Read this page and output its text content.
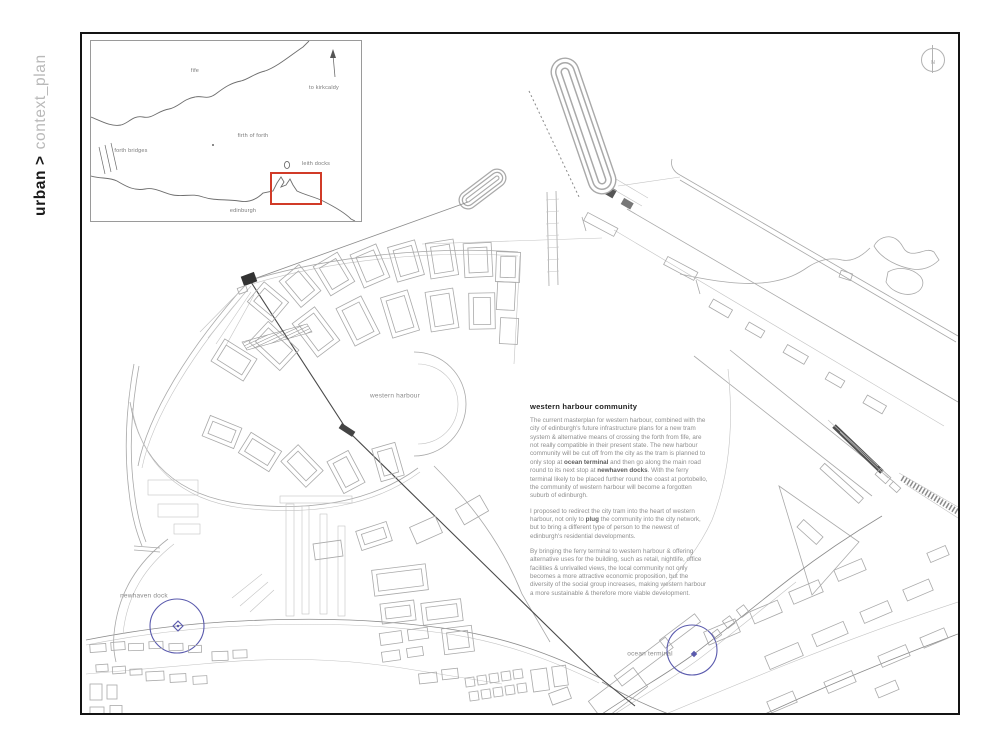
urban >context_plan	fife
to kirkcaldy
firth of forth
forth bridges
leith docks
edinburgh
N
western harbour
newhaven dock
ocean terminal
western harbour community

The current masterplan for western harbour, combined with the city of edinburgh's future infrastructure plans for a new tram system & alternative means of crossing the forth from fife, are not really compatible in their present state. The new harbour community will be cut off from the city as the tram is planned to only stop at ocean terminal and then go along the main road round to its next stop at newhaven docks. With the ferry terminal likely to be placed further round the coast at portobello, the community of western harbour will become a forgotten suburb of edinburgh.

I proposed to redirect the city tram into the heart of western harbour, not only to plug the community into the city network, but to bring a different type of person to the newest of edinburgh's residential developments.

By bringing the ferry terminal to western harbour & offering alternative uses for the building, such as retail, nightlife, office facilities & unrivalled views, the local community not only becomes a more attractive economic proposition, but the diversity of the social group increases, making western harbour a more sustainable & therefore more viable development.
